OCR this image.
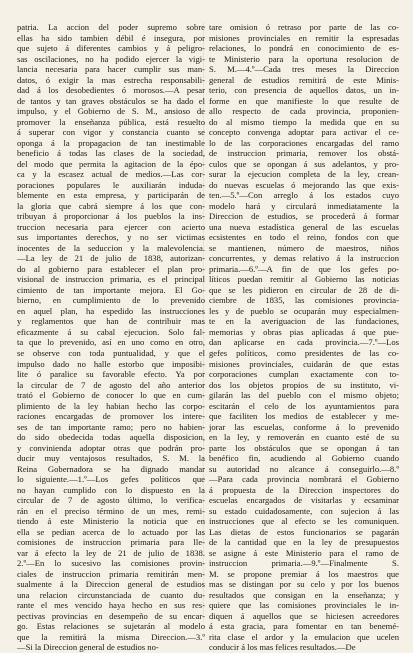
patria. La accion del poder supremo sobre
ellas ha sido tambien débil é insegura, por
que sujeto á diferentes cambios y á peligro-
sas oscilaciones, no ha podido ejercer la vigi-
lancia necesaria para hacer cumplir sus man-
datos, ó exigir la mas estrecha responsabili-
dad á los desobedientes ó morosos.—A pesar
de tantos y tan graves obstáculos se ha dado el
impulso, y el Gobierno de S. M., ansioso de
promover la enseñanza pública, está resuelto
á superar con vigor y constancia cuanto se
oponga á la propagacion de tan inestimable
beneficio á todas las clases de la sociedad,
del modo que permita la agitacion de la épo-
ca y la escasez actual de medios.—Las cor-
poraciones populares le auxiliarán induda-
blemente en esta empresa, y participarán de
la gloria que cabrá siempre á los que con-
tribuyan á proporcionar á los pueblos la ins-
truccion necesaria para ejercer con acierto
sus importantes derechos, y no ser victimas
inocentes de la seduccion y la malevolencia.
—La ley de 21 de julio de 1838, autorizan-
do al gobierno para establecer el plan pro-
visional de instruccion primaria, es el principal
cimiento de tan importante mejora. El Go-
bierno, en cumplimiento de lo prevenido
en aquel plan, ha espedido las instrucciones
y reglamentos que han de contribuir mas
eficazmente á su cabal ejecucion. Solo fal-
ta que lo prevenido, así en uno como en otro,
se observe con toda puntualidad, y que el
impulso dado no halle estorbo que imposibi-
lite ó paralice su favorable efecto. Ya por
la circular de 7 de agosto del año anterior
trató el Gobierno de conocer lo que en cum-
plimiento de la ley habian hecho las corpo-
raciones encargadas de promover los intere-
ses de tan importante ramo; pero no habien-
do sido obedecida todas aquella disposicion,
y convinienda adoptar otras que podrán pro-
ducir muy ventajosos resultados, S. M. la
Reina Gobernadora se ha dignado mandar
lo siguiente.—1.º—Los gefes políticos que
no hayan cumplido con lo dispuesto en la
circular de 7 de agosto último, lo verifica-
rán en el preciso término de un mes, remi-
tiendo á este Ministerio la noticia que en
ella se pedian acerca de lo actuado por las
comisiones de instruccion primaria para lle-
var á efecto la ley de 21 de julio de 1838.
2.º—En lo sucesivo las comisiones provin-
ciales de instruccion primaria remitirán men-
sualmente á la Direccion general de estudios
una relacion circunstanciada de cuanto du-
rante el mes vencido haya hecho en sus res-
pectivas provincias en desempeño de su encar-
go. Estas relaciones se sujetarán al modelo
que la remitirá la misma Direccion.—3.º
—Si la Direccion general de estudios no-
tare omision ó retraso por parte de las co-
misiones provinciales en remitir la espresadas
relaciones, lo pondrá en conocimiento de es-
te Ministerio para la oportuna resolucion de
S. M.—4.º—Cada tres meses la Direccion
general de estudios remitirá de este Minis-
terio, con presencia de aquellos datos, un in-
forme en que manifieste lo que resulte de
allo respecto de cada provincia, proponien-
do al mismo tiempo la medida que en su
concepto convenga adoptar para activar el ce-
lo de las corporaciones encargadas del ramo
de instruccion primaria, remover los obstá-
culos que se opongan á sus adelantos, y pro-
surar la ejecucion completa de la ley, crean-
do nuevas escuelas ó mejorando las que exis-
ten.—5.º—Con arreglo á los estados cuyo
modelo hará y circulará inmediatamente la
Direccion de estudios, se procederá á formar
una nueva estadística general de las escuelas
ecsistentes en todo el reino, fondos con que
se mantienen, número de maestros, niños
concurrentes, y demas relativo á la instruccion
primaria.—6.º—A fin de que los gefes po-
líticos puedan remitir al Gobierno las noticias
que se les pidieron en circular de 28 de di-
ciembre de 1835, las comisiones provincia-
les y de pueblo se ocuparán muy especialmen-
te en la averiguacion de las fundaciones,
memorias y obras pias aplicadas á que pue-
dan aplicarse en cada provincia.—7.º—Los
gefes políticos, como presidentes de las co-
misiones provinciales, cuidarán de que estas
corporaciones cumplan exactamente con to-
dos los objetos propios de su instituto, vi-
gilarán las del pueblo con el mismo objeto;
escitarán el celo de los ayuntamientos para
que faciliten los medios de establecer y me-
jorar las escuelas, conforme á lo prevenido
en la ley, y removerán en cuanto esté de su
parte los obstáculos que se opongan á tan
benéfico fin, acudiendo al Gobierno cuando
su autoridad no alcance á conseguirlo.—8.º
—Para cada provincia nombrará el Gobierno
á propuesta de la Direccion inspectores do
escuelas encargados de visitarlas y ecsaminar
su estado cuidadosamente, con sujecion á las
instrucciones que al efecto se les comuniquen.
Las dietas de estos funcionarios se pagarán
de la cantidad que en la ley de presupuestos
se asigne á este Ministerio para el ramo de
instruccion primaria.—9.º—Finalmente S.
M. se propone premiar á los maestros que
mas se distingan por su celo y por los buenos
resultados que consigan en la enseñanza; y
quiere que las comisiones provinciales le in-
diquen á aquellos que se hiciesen acreedores
á esta gracia, para fomentar en tan benemé-
rita clase el ardor y la emulacion que ucelen
conducir á los mas felices resultados.—De
